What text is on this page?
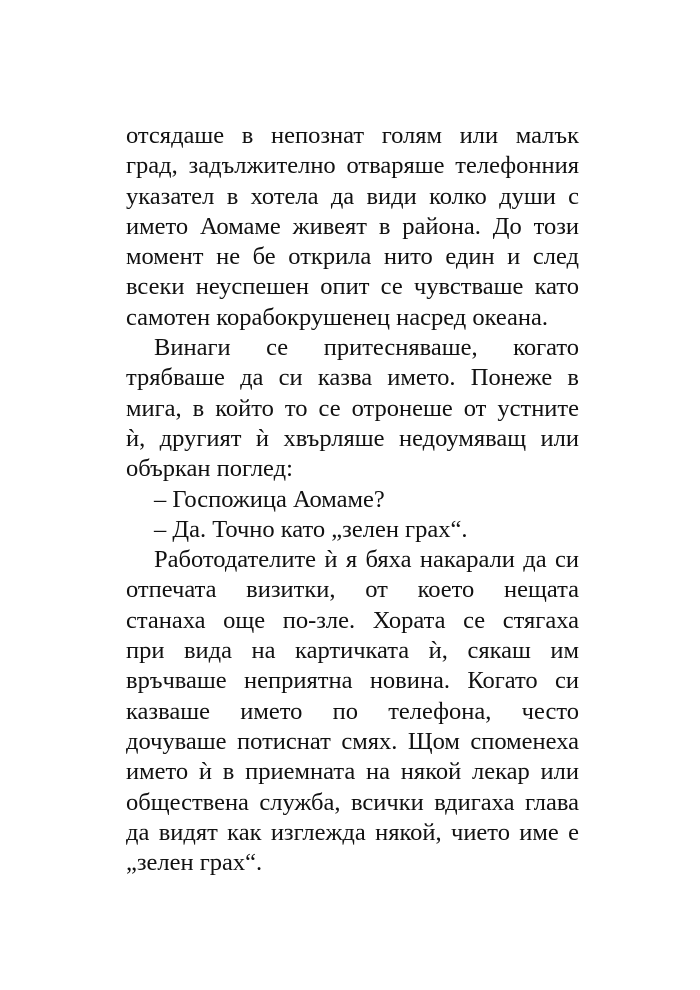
отсядаше в непознат голям или малък
град, задължително отваряше телефонния
указател в хотела да види колко души с
името Аомаме живеят в района. До този
момент не бе открила нито един и след
всеки неуспешен опит се чувстваше като
самотен корабокрушенец насред океана.
Винаги се притесняваше, когато
трябваше да си казва името. Понеже в
мига, в който то се отронеше от устните
ѝ, другият ѝ хвърляше недоумяващ или
объркан поглед:
– Госпожица Аомаме?
– Да. Точно като „зелен грах“.
Работодателите ѝ я бяха накарали да си
отпечата визитки, от което нещата
станаха още по-зле. Хората се стягаха
при вида на картичката ѝ, сякаш им
връчваше неприятна новина. Когато си
казваше името по телефона, често
дочуваше потиснат смях. Щом споменеха
името ѝ в приемната на някой лекар или
обществена служба, всички вдигаха глава
да видят как изглежда някой, чието име е
„зелен грах“.
